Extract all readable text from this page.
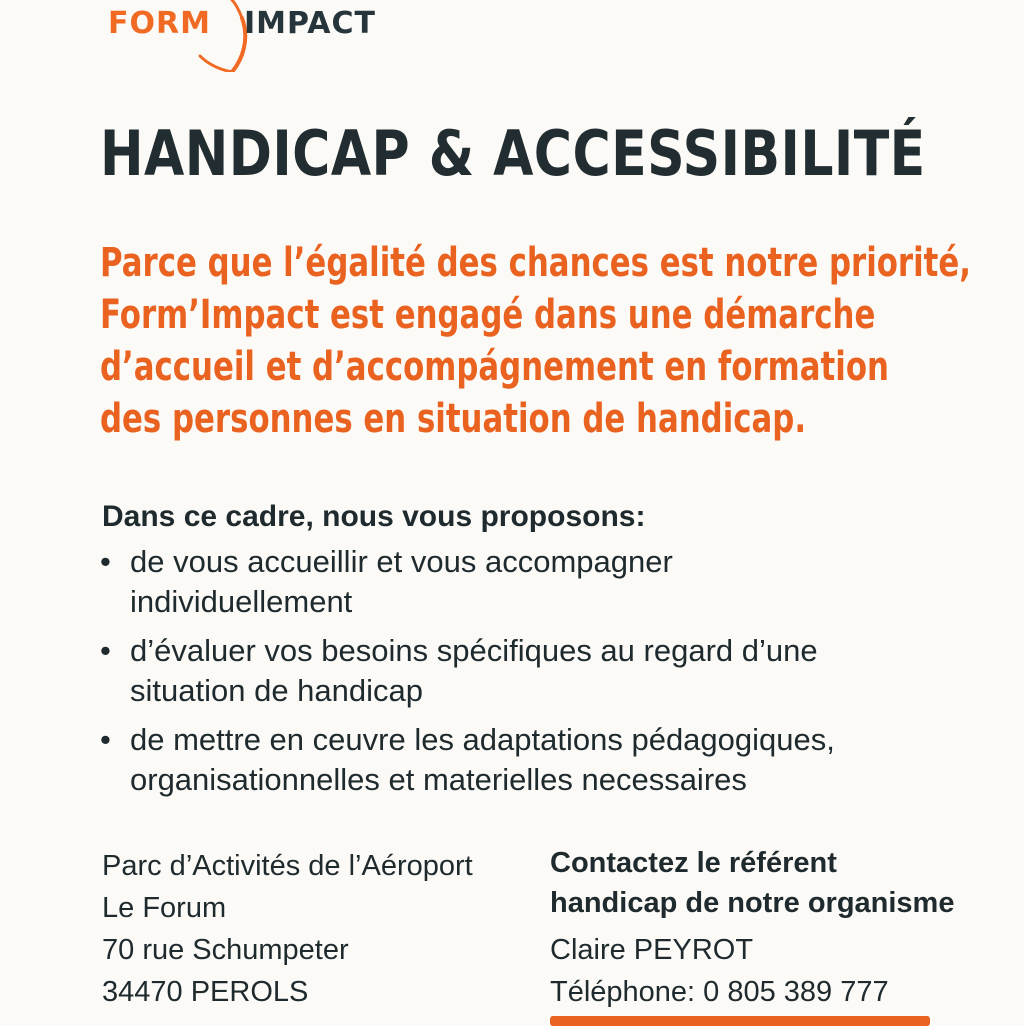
FORM IMPACT
HANDICAP & ACCESSIBILITÉ
Parce que l’égalité des chances est notre priorité,
Form’Impact est engagé dans une démarche
d’accueil et d’accompágnement en formation
des personnes en situation de handicap.
Dans ce cadre, nous vous proposons:
• de vous accueillir et vous accompagner
individuellement
• d’évaluer vos besoins spécifiques au regard d’une
situation de handicap
• de mettre en ceuvre les adaptations pédagogiques,
organisationnelles et materielles necessaires
Parc d’Activités de l’Aéroport
Le Forum
70 rue Schumpeter
34470 PEROLS
Contactez le référent
handicap de notre organisme
Claire PEYROT
Téléphone: 0 805 389 777
